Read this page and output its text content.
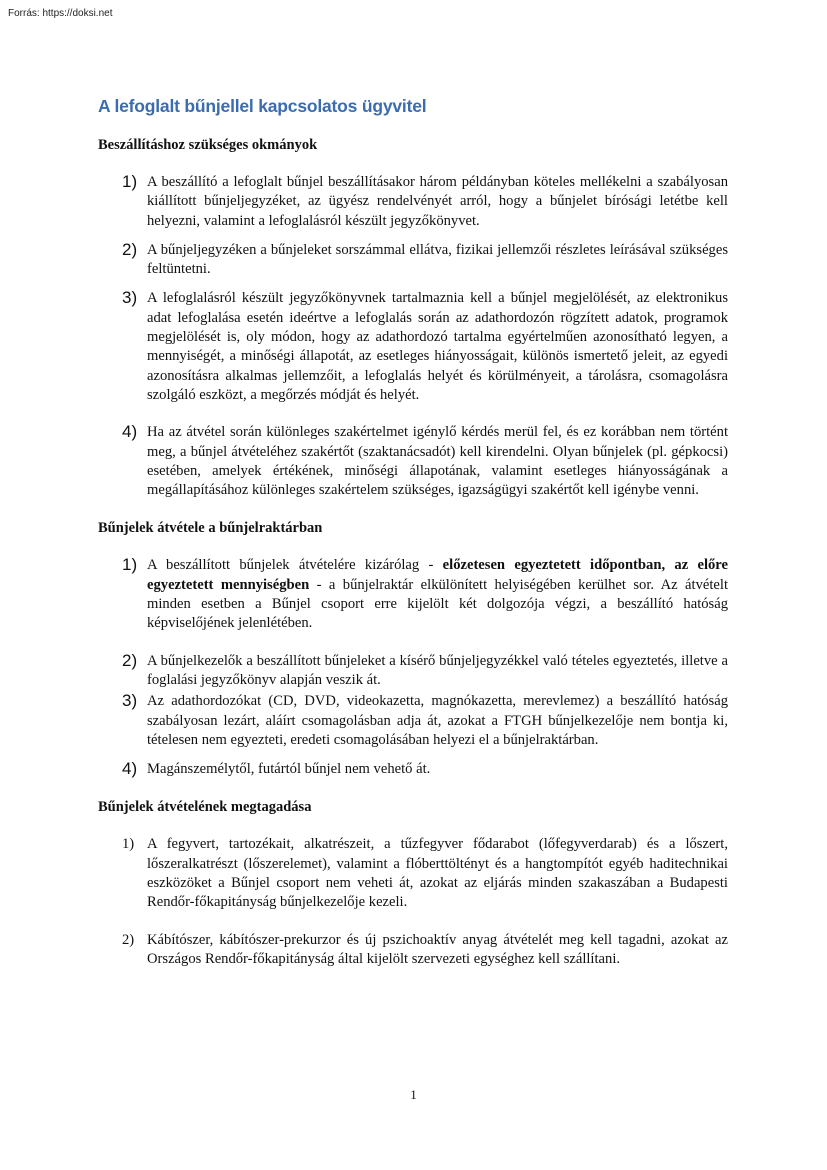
Forrás: https://doksi.net
A lefoglalt bűnjellel kapcsolatos ügyvitel
Beszállításhoz szükséges okmányok
1) A beszállító a lefoglalt bűnjel beszállításakor három példányban köteles mellékelni a szabályosan kiállított bűnjeljegyzéket, az ügyész rendelvényét arról, hogy a bűnjelet bírósági letétbe kell helyezni, valamint a lefoglalásról készült jegyzőkönyvet.
2) A bűnjeljegyzéken a bűnjeleket sorszámmal ellátva, fizikai jellemzői részletes leírásával szükséges feltüntetni.
3) A lefoglalásról készült jegyzőkönyvnek tartalmaznia kell a bűnjel megjelölését, az elektronikus adat lefoglalása esetén ideértve a lefoglalás során az adathordozón rögzített adatok, programok megjelölését is, oly módon, hogy az adathordozó tartalma egyértelműen azonosítható legyen, a mennyiségét, a minőségi állapotát, az esetleges hiányosságait, különös ismertető jeleit, az egyedi azonosításra alkalmas jellemzőit, a lefoglalás helyét és körülményeit, a tárolásra, csomagolásra szolgáló eszközt, a megőrzés módját és helyét.
4) Ha az átvétel során különleges szakértelmet igénylő kérdés merül fel, és ez korábban nem történt meg, a bűnjel átvételéhez szakértőt (szaktanácsadót) kell kirendelni. Olyan bűnjelek (pl. gépkocsi) esetében, amelyek értékének, minőségi állapotának, valamint esetleges hiányosságának a megállapításához különleges szakértelem szükséges, igazságügyi szakértőt kell igénybe venni.
Bűnjelek átvétele a bűnjelraktárban
1) A beszállított bűnjelek átvételére kizárólag - előzetesen egyeztetett időpontban, az előre egyeztetett mennyiségben - a bűnjelraktár elkülönített helyiségében kerülhet sor. Az átvételt minden esetben a Bűnjel csoport erre kijelölt két dolgozója végzi, a beszállító hatóság képviselőjének jelenlétében.
2) A bűnjelkezelők a beszállított bűnjeleket a kísérő bűnjeljegyzékkel való tételes egyeztetés, illetve a foglalási jegyzőkönyv alapján veszik át.
3) Az adathordozókat (CD, DVD, videokazetta, magnókazetta, merevlemez) a beszállító hatóság szabályosan lezárt, aláírt csomagolásban adja át, azokat a FTGH bűnjelkezelője nem bontja ki, tételesen nem egyezteti, eredeti csomagolásában helyezi el a bűnjelraktárban.
4) Magánszemélytől, futártól bűnjel nem vehető át.
Bűnjelek átvételének megtagadása
1) A fegyvert, tartozékait, alkatrészeit, a tűzfegyver fődarabot (lőfegyverdarab) és a lőszert, lőszeralkatrészt (lőszerelemet), valamint a flóberttöltényt és a hangtompítót egyéb haditechnikai eszközöket a Bűnjel csoport nem veheti át, azokat az eljárás minden szakaszában a Budapesti Rendőr-főkapitányság bűnjelkezelője kezeli.
2) Kábítószer, kábítószer-prekurzor és új pszichoaktív anyag átvételét meg kell tagadni, azokat az Országos Rendőr-főkapitányság által kijelölt szervezeti egységhez kell szállítani.
1
